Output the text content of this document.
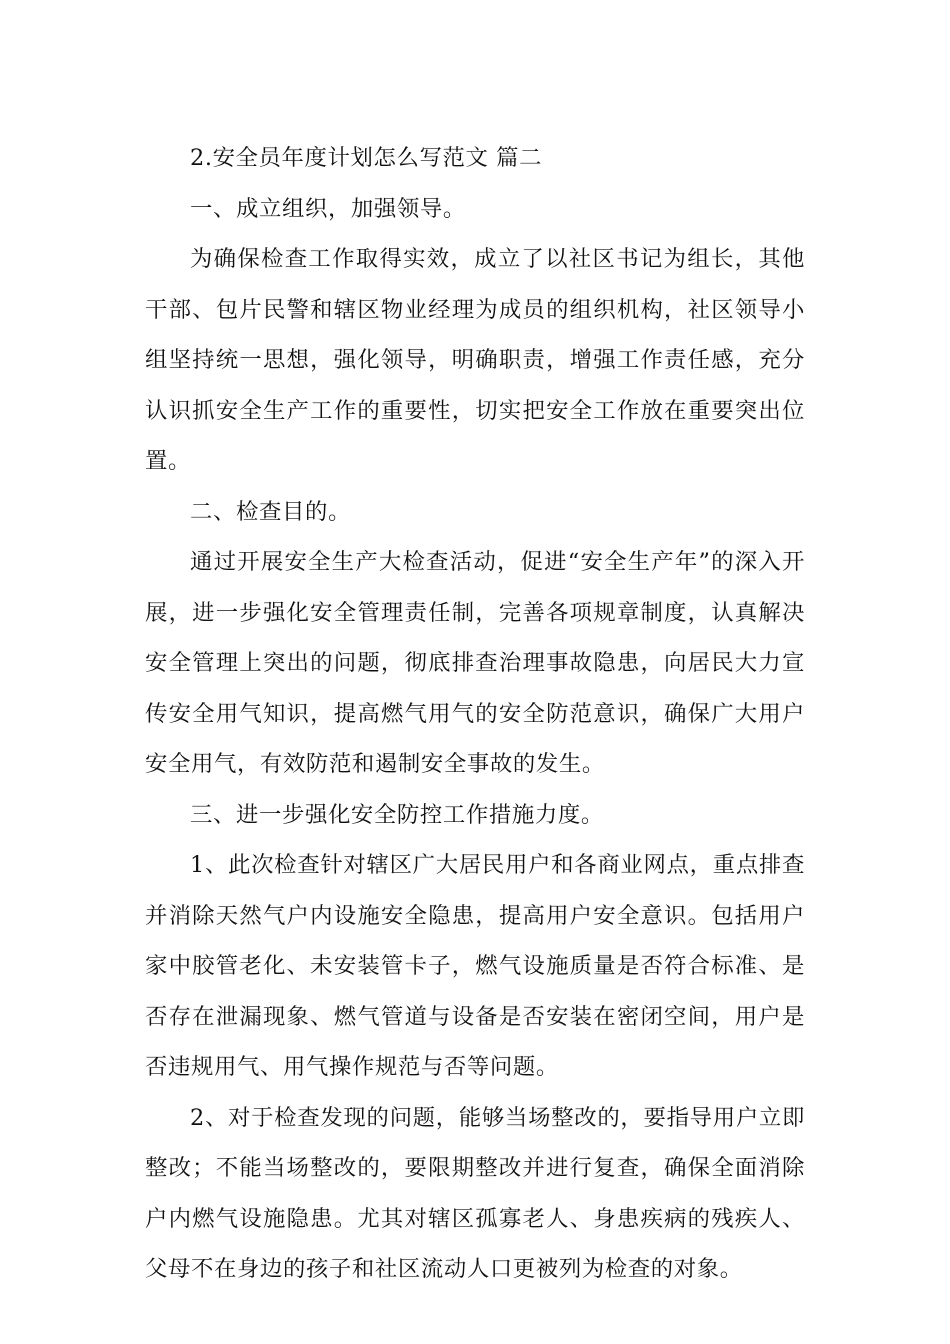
2.安全员年度计划怎么写范文 篇二

一、成立组织，加强领导。

为确保检查工作取得实效，成立了以社区书记为组长，其他干部、包片民警和辖区物业经理为成员的组织机构，社区领导小组坚持统一思想，强化领导，明确职责，增强工作责任感，充分认识抓安全生产工作的重要性，切实把安全工作放在重要突出位置。

二、检查目的。

通过开展安全生产大检查活动，促进“安全生产年”的深入开展，进一步强化安全管理责任制，完善各项规章制度，认真解决安全管理上突出的问题，彻底排查治理事故隐患，向居民大力宣传安全用气知识，提高燃气用气的安全防范意识，确保广大用户安全用气，有效防范和遏制安全事故的发生。

三、进一步强化安全防控工作措施力度。

1、此次检查针对辖区广大居民用户和各商业网点，重点排查并消除天然气户内设施安全隐患，提高用户安全意识。包括用户家中胶管老化、未安装管卡子，燃气设施质量是否符合标准、是否存在泄漏现象、燃气管道与设备是否安装在密闭空间，用户是否违规用气、用气操作规范与否等问题。

2、对于检查发现的问题，能够当场整改的，要指导用户立即整改；不能当场整改的，要限期整改并进行复查，确保全面消除户内燃气设施隐患。尤其对辖区孤寡老人、身患疾病的残疾人、父母不在身边的孩子和社区流动人口更被列为检查的对象。
